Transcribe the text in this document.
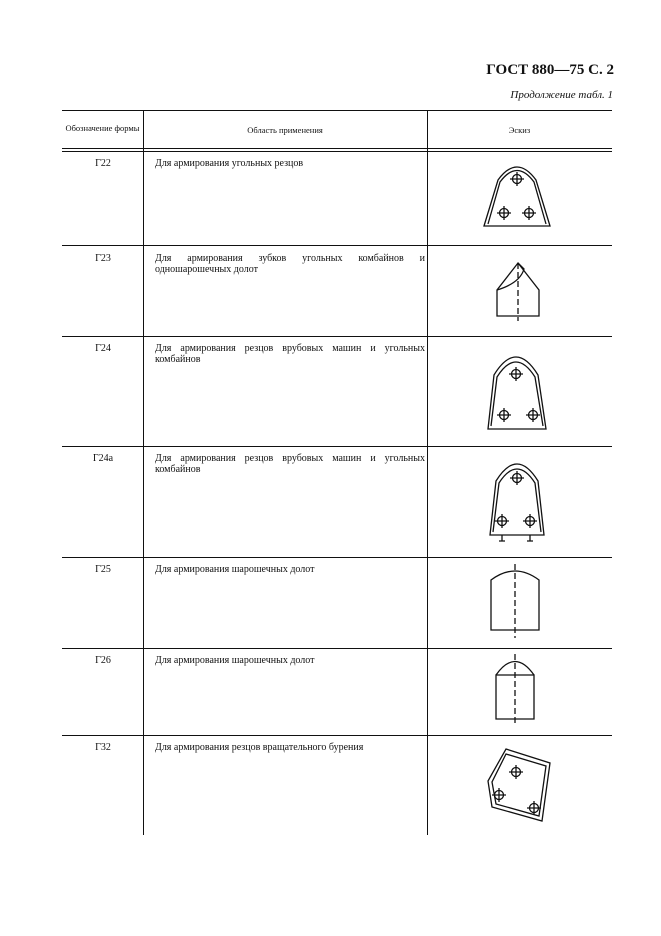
ГОСТ 880—75 С. 2
Продолжение табл. 1
Обозначение формы	Область применения	Эскиз
Г22	Для армирования угольных резцов
Г23	Для армирования зубков угольных комбайнов и одношарошечных долот
Г24	Для армирования резцов врубовых машин и угольных комбайнов
Г24а	Для армирования резцов врубовых машин и угольных комбайнов
Г25	Для армирования шарошечных долот
Г26	Для армирования шарошечных долот
Г32	Для армирования резцов вращательного бурения
